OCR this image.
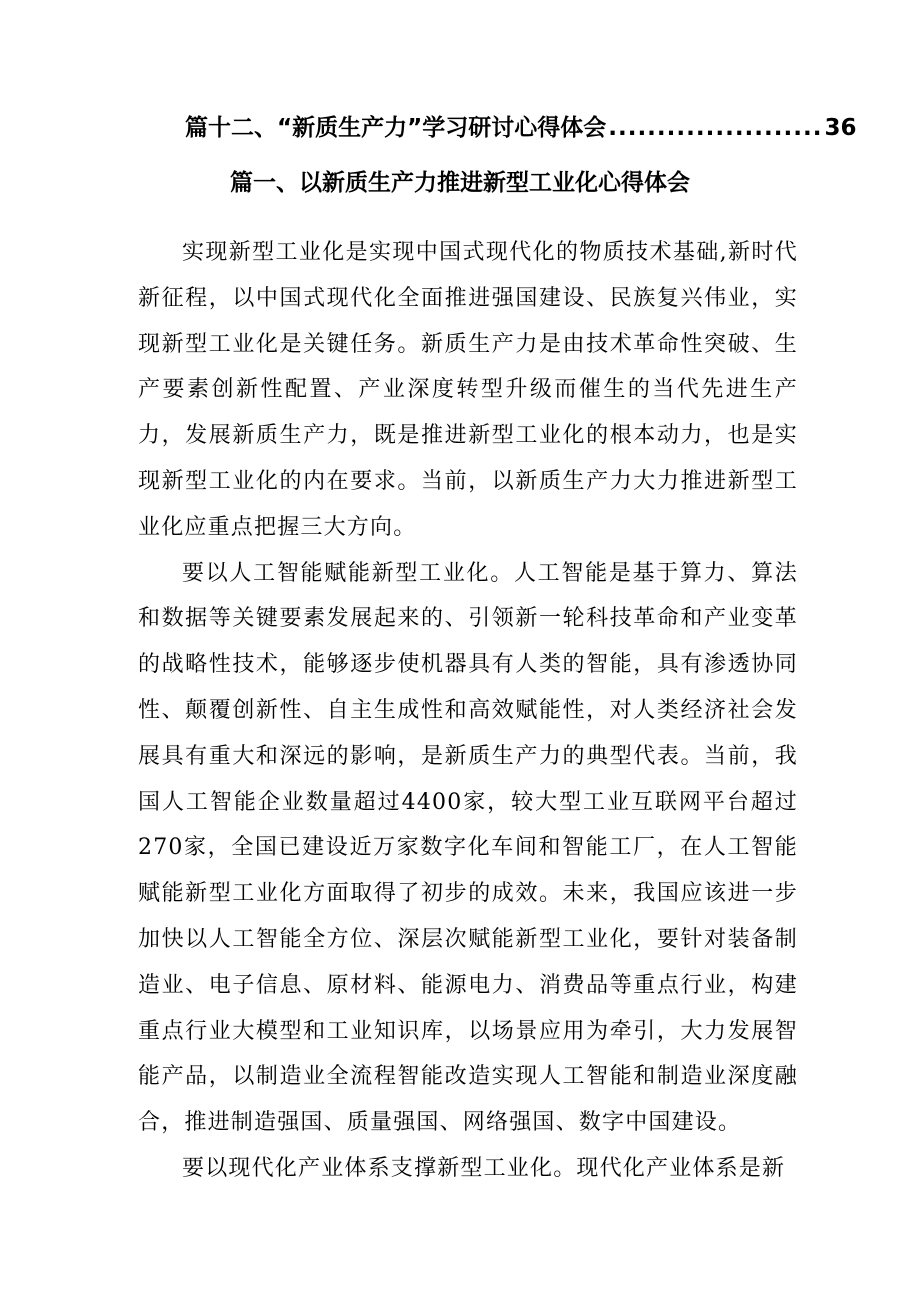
篇十二、“新质生产力”学习研讨心得体会 ...................... 36
篇一、以新质生产力推进新型工业化心得体会

实现新型工业化是实现中国式现代化的物质技术基础,新时代新征程，以中国式现代化全面推进强国建设、民族复兴伟业，实现新型工业化是关键任务。新质生产力是由技术革命性突破、生产要素创新性配置、产业深度转型升级而催生的当代先进生产力，发展新质生产力，既是推进新型工业化的根本动力，也是实现新型工业化的内在要求。当前，以新质生产力大力推进新型工业化应重点把握三大方向。

要以人工智能赋能新型工业化。人工智能是基于算力、算法和数据等关键要素发展起来的、引领新一轮科技革命和产业变革的战略性技术，能够逐步使机器具有人类的智能，具有渗透协同性、颠覆创新性、自主生成性和高效赋能性，对人类经济社会发展具有重大和深远的影响，是新质生产力的典型代表。当前，我国人工智能企业数量超过4400家，较大型工业互联网平台超过270家，全国已建设近万家数字化车间和智能工厂，在人工智能赋能新型工业化方面取得了初步的成效。未来，我国应该进一步加快以人工智能全方位、深层次赋能新型工业化，要针对装备制造业、电子信息、原材料、能源电力、消费品等重点行业，构建重点行业大模型和工业知识库，以场景应用为牵引，大力发展智能产品，以制造业全流程智能改造实现人工智能和制造业深度融合，推进制造强国、质量强国、网络强国、数字中国建设。

要以现代化产业体系支撑新型工业化。现代化产业体系是新
